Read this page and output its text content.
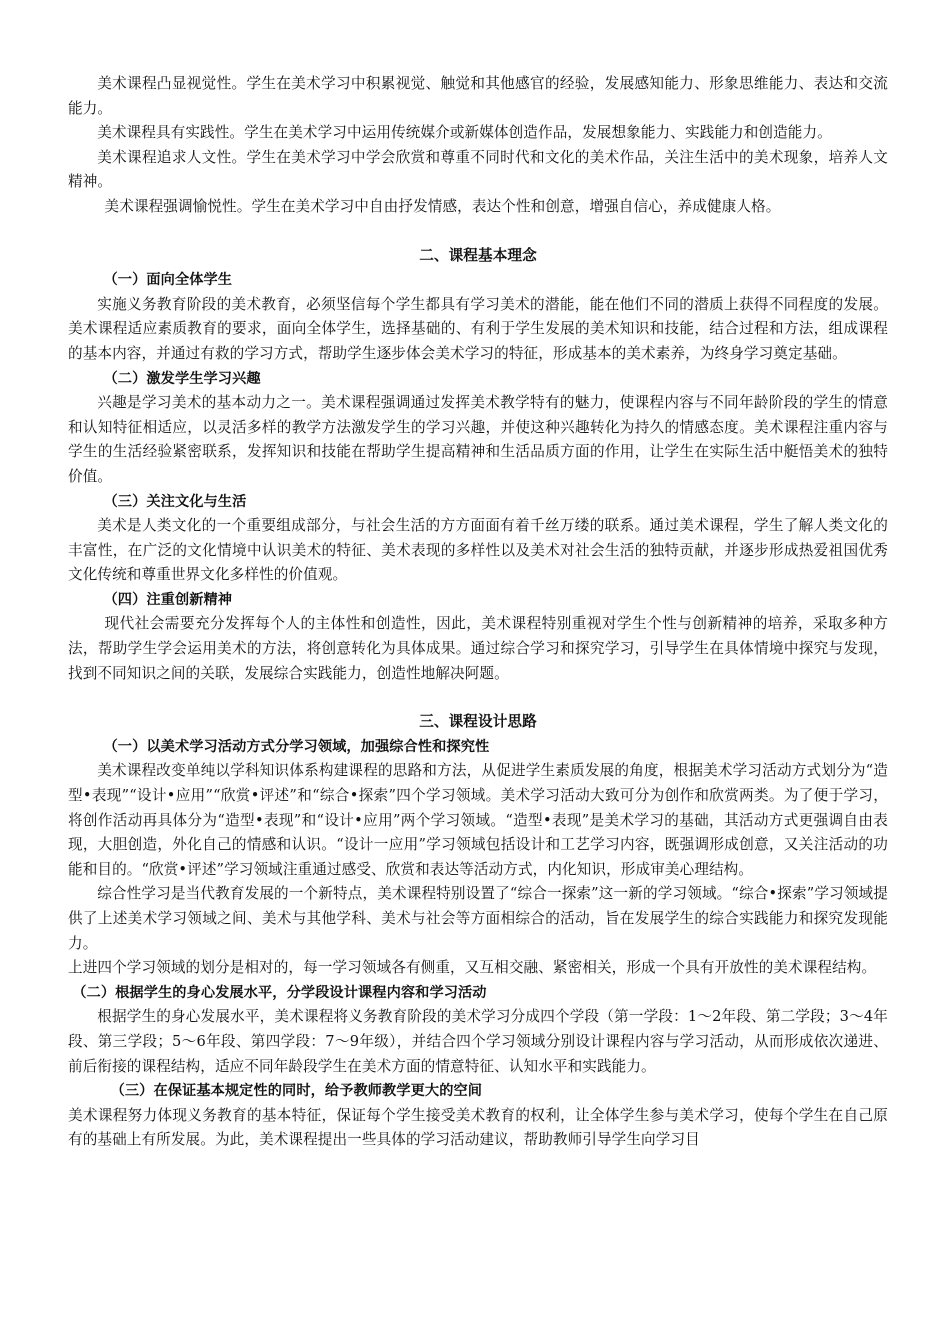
美术课程凸显视觉性。学生在美术学习中积累视觉、触觉和其他感官的经验，发展感知能力、形象思维能力、表达和交流能力。

美术课程具有实践性。学生在美术学习中运用传统媒介或新媒体创造作品，发展想象能力、实践能力和创造能力。

美术课程追求人文性。学生在美术学习中学会欣赏和尊重不同时代和文化的美术作品，关注生活中的美术现象，培养人文精神。

美术课程强调愉悦性。学生在美术学习中自由抒发情感，表达个性和创意，增强自信心，养成健康人格。

二、课程基本理念
（一）面向全体学生

实施义务教育阶段的美术教育，必须坚信每个学生都具有学习美术的潜能，能在他们不同的潜质上获得不同程度的发展。美术课程适应素质教育的要求，面向全体学生，选择基础的、有利于学生发展的美术知识和技能，结合过程和方法，组成课程的基本内容，并通过有救的学习方式，帮助学生逐步体会美术学习的特征，形成基本的美术素养，为终身学习奠定基础。

（二）激发学生学习兴趣

兴趣是学习美术的基本动力之一。美术课程强调通过发挥美术教学特有的魅力，使课程内容与不同年龄阶段的学生的情意和认知特征相适应，以灵活多样的教学方法激发学生的学习兴趣，并使这种兴趣转化为持久的情感态度。美术课程注重内容与学生的生活经验紧密联系，发挥知识和技能在帮助学生提高精神和生活品质方面的作用，让学生在实际生活中艇悟美术的独特价值。

（三）关注文化与生活

美术是人类文化的一个重要组成部分，与社会生活的方方面面有着千丝万缕的联系。通过美术课程，学生了解人类文化的丰富性，在广泛的文化情境中认识美术的特征、美术表现的多样性以及美术对社会生活的独特贡献，并逐步形成热爱祖国优秀文化传统和尊重世界文化多样性的价值观。

（四）注重创新精神

现代社会需要充分发挥每个人的主体性和创造性，因此，美术课程特别重视对学生个性与创新精神的培养，采取多种方法，帮助学生学会运用美术的方法，将创意转化为具体成果。通过综合学习和探究学习，引导学生在具体情境中探究与发现，找到不同知识之间的关联，发展综合实践能力，创造性地解决阿题。

三、课程设计思路
（一）以美术学习活动方式分学习领域，加强综合性和探究性

美术课程改变单纯以学科知识体系构建课程的思路和方法，从促进学生素质发展的角度，根据美术学习活动方式划分为“造型•表现”“设计•应用”“欣赏•评述”和“综合•探索”四个学习领域。美术学习活动大致可分为创作和欣赏两类。为了便于学习，将创作活动再具体分为“造型•表现”和“设计•应用”两个学习领域。“造型•表现”是美术学习的基础，其活动方式更强调自由表现，大胆创造，外化自己的情感和认识。“设计一应用”学习领域包括设计和工艺学习内容，既强调形成创意，又关注活动的功能和目的。“欣赏•评述”学习领域注重通过感受、欣赏和表达等活动方式，内化知识，形成审美心理结构。

综合性学习是当代教育发展的一个新特点，美术课程特别设置了“综合一探索”这一新的学习领域。“综合•探索”学习领域提供了上述美术学习领域之间、美术与其他学科、美术与社会等方面相综合的活动，旨在发展学生的综合实践能力和探究发现能力。

上进四个学习领域的划分是相对的，每一学习领域各有侧重，又互相交融、紧密相关，形成一个具有开放性的美术课程结构。

（二）根据学生的身心发展水平，分学段设计课程内容和学习活动

根据学生的身心发展水平，美术课程将义务教育阶段的美术学习分成四个学段（第一学段：1～2年段、第二学段；3～4年段、第三学段；5～6年段、第四学段：7～9年级），并结合四个学习领域分别设计课程内容与学习活动，从而形成依次递进、前后衔接的课程结构，适应不同年龄段学生在美术方面的情意特征、认知水平和实践能力。

（三）在保证基本规定性的同时，给予教师教学更大的空间

美术课程努力体现义务教育的基本特征，保证每个学生接受美术教育的权利，让全体学生参与美术学习，使每个学生在自己原有的基础上有所发展。为此，美术课程提出一些具体的学习活动建议，帮助教师引导学生向学习目
